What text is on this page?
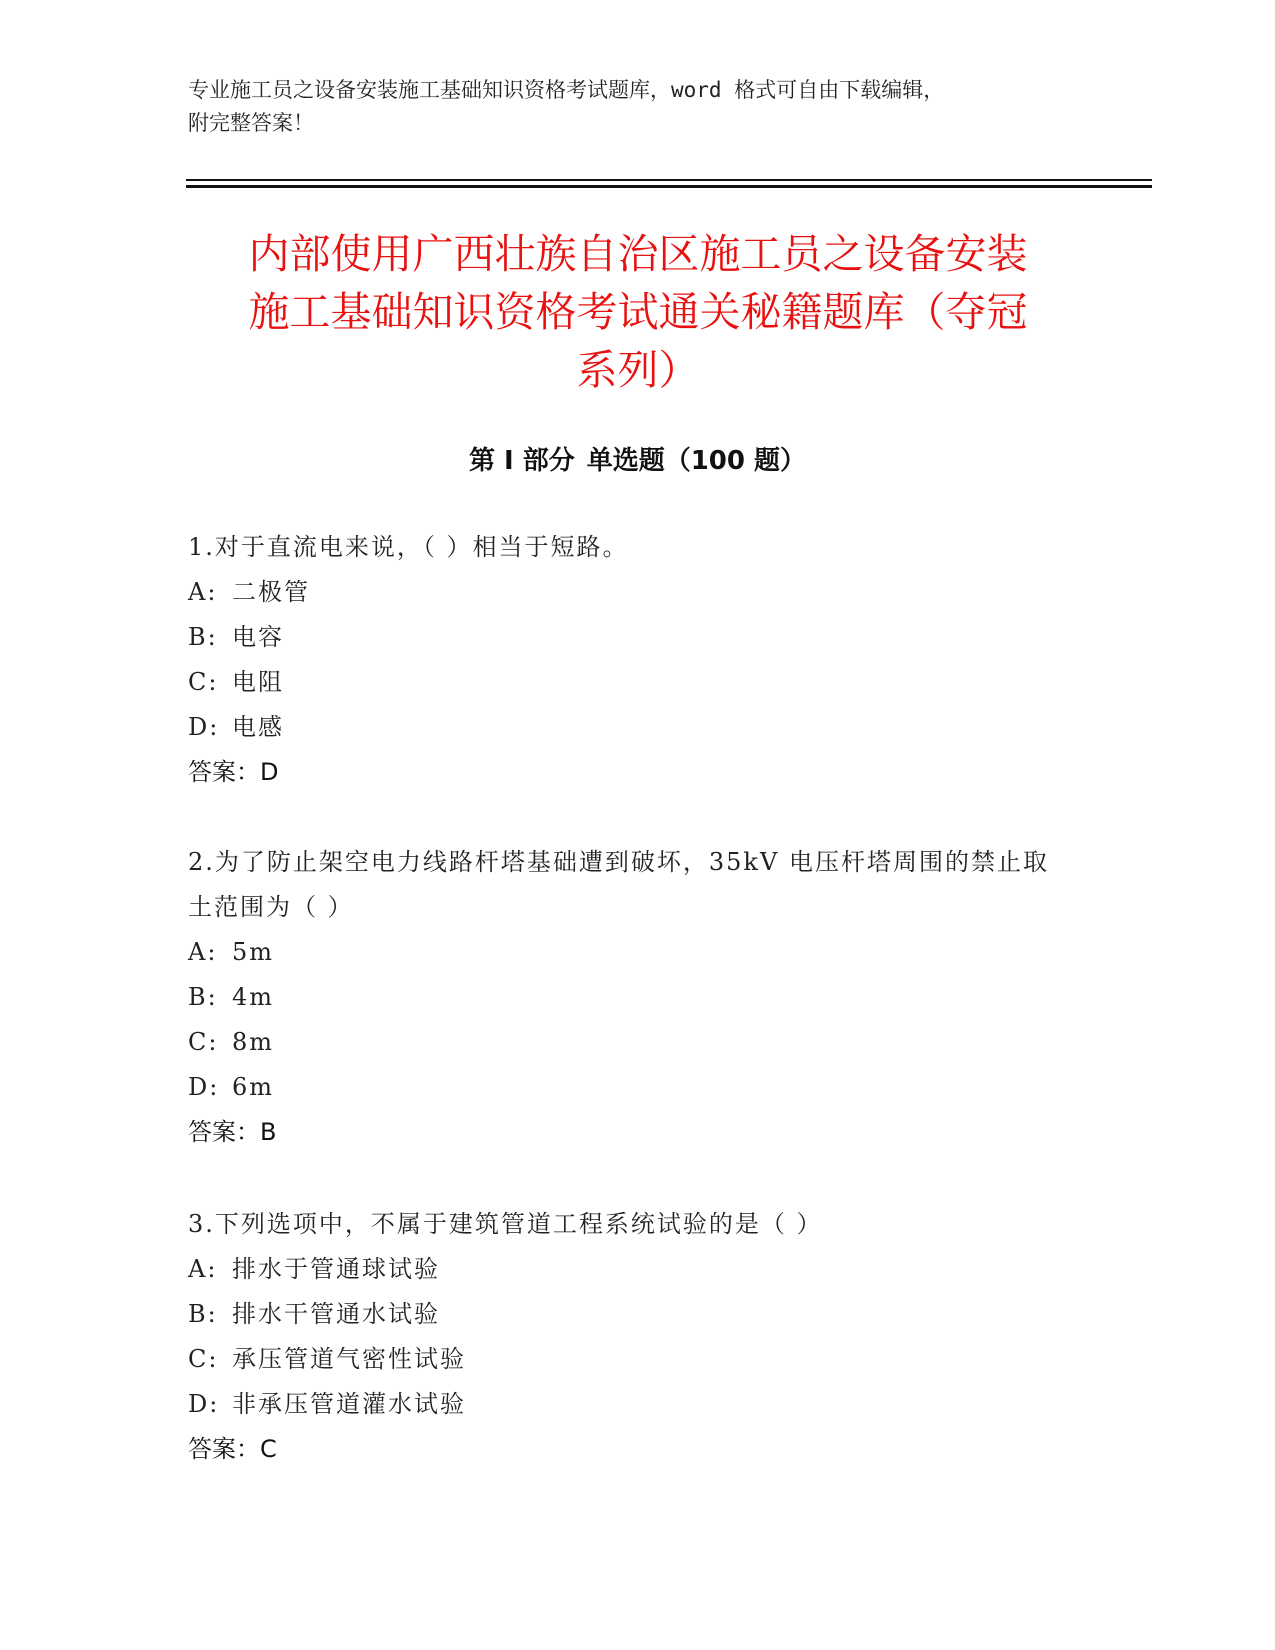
专业施工员之设备安装施工基础知识资格考试题库，word 格式可自由下载编辑，

附完整答案！

内部使用广西壮族自治区施工员之设备安装
施工基础知识资格考试通关秘籍题库（夺冠
系列）
第 I 部分 单选题（100 题）

1.对于直流电来说，（ ）相当于短路。

A: 二极管

B: 电容

C: 电阻

D: 电感

答案：D

2.为了防止架空电力线路杆塔基础遭到破坏，35kV 电压杆塔周围的禁止取土范围为（ ）

A: 5m

B: 4m

C: 8m

D: 6m

答案：B

3.下列选项中，不属于建筑管道工程系统试验的是（ ）

A: 排水于管通球试验

B: 排水干管通水试验

C: 承压管道气密性试验

D: 非承压管道灌水试验

答案：C
